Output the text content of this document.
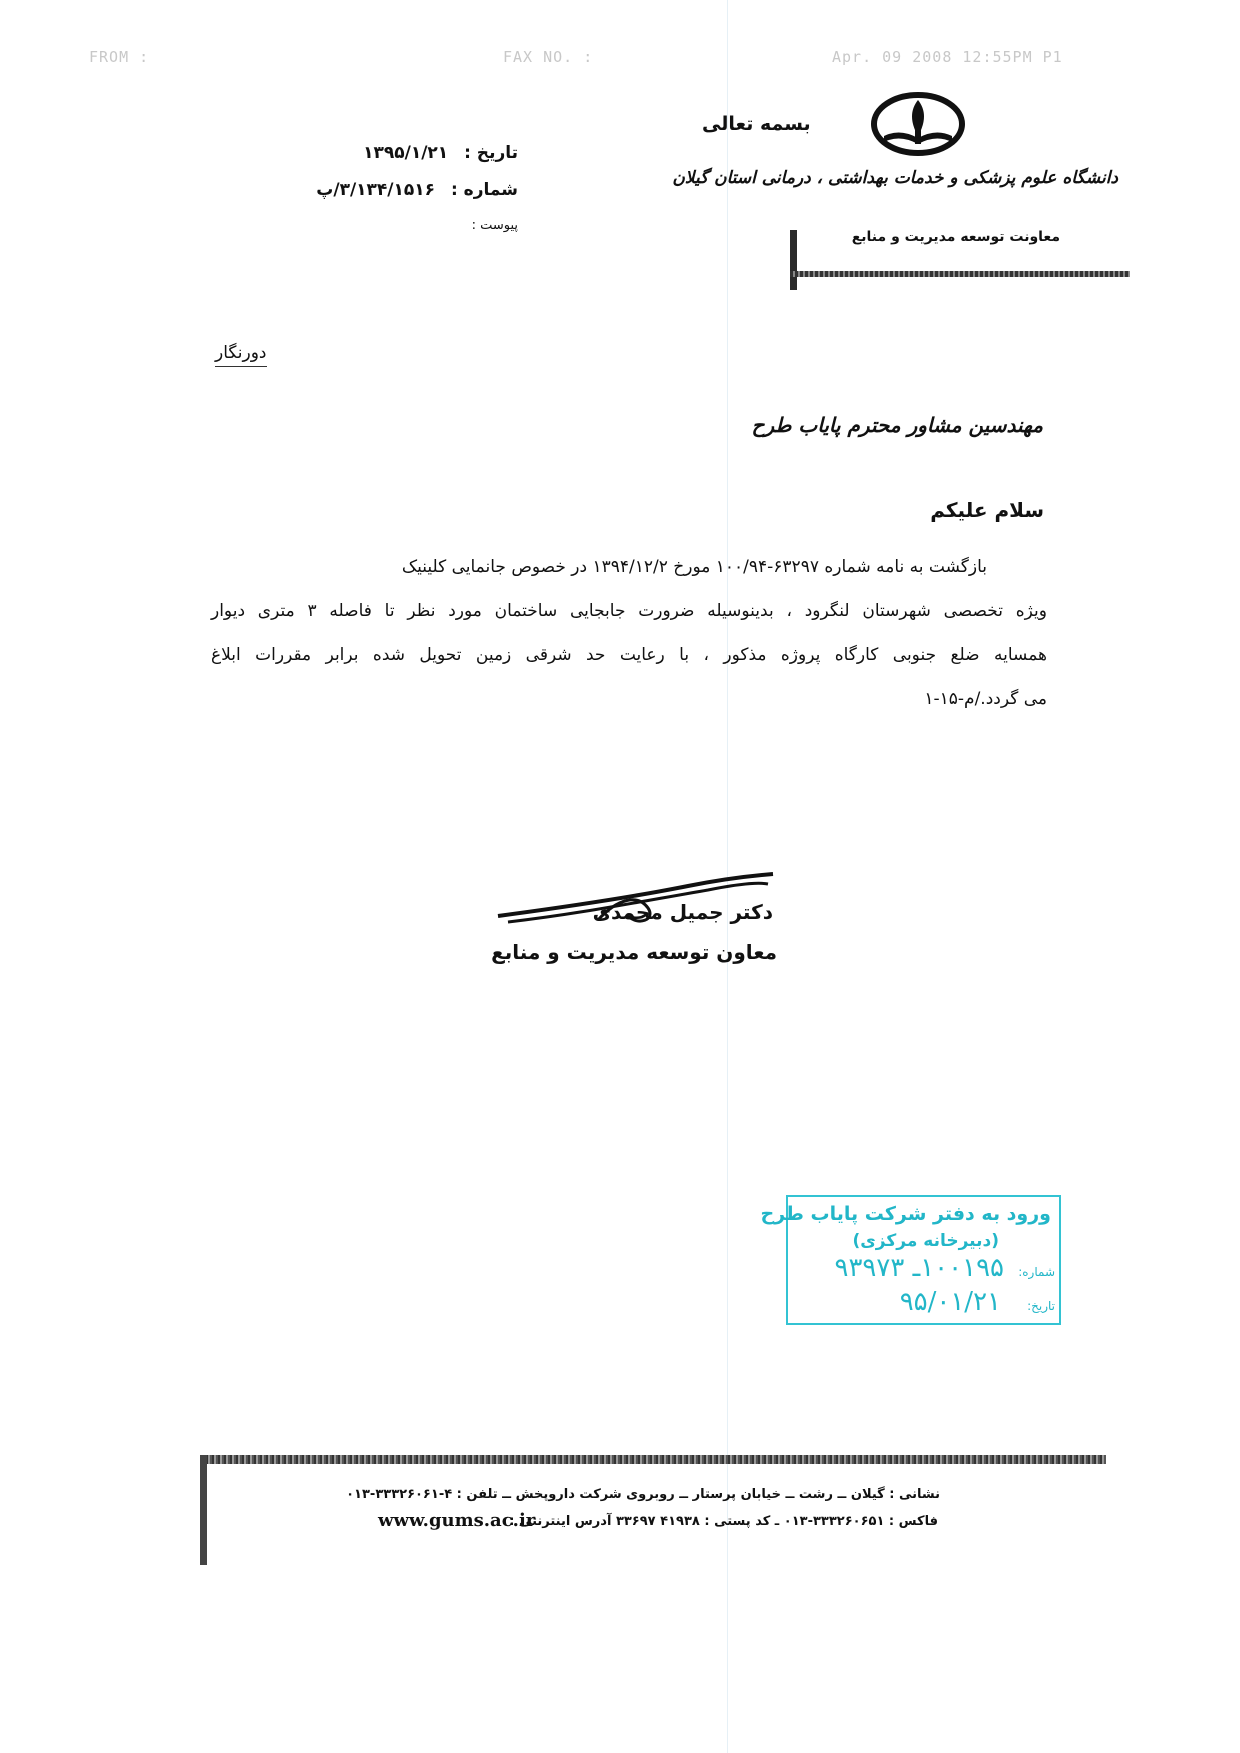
FROM :	FAX NO. :	Apr. 09 2008 12:55PM P1
بسمه تعالی
دانشگاه علوم پزشکی و خدمات بهداشتی ، درمانی استان گیلان
معاونت توسعه مدیریت و منابع
تاریخ : ۱۳۹۵/۱/۲۱
شماره : ۳/۱۳۴/۱۵۱۶/پ
پیوست :
دورنگار
مهندسین مشاور محترم پایاب طرح
سلام علیکم
بازگشت به نامه شماره ۶۳۲۹۷-۱۰۰/۹۴ مورخ ۱۳۹۴/۱۲/۲ در خصوص جانمایی کلینیک
ویژه تخصصی شهرستان لنگرود ، بدینوسیله ضرورت جابجایی ساختمان مورد نظر تا فاصله ۳ متری دیوار
همسایه ضلع جنوبی کارگاه پروژه مذکور ، با رعایت حد شرقی زمین تحویل شده برابر مقررات ابلاغ
می گردد./م-۱۵-۱
دکتر جمیل محمدی
معاون توسعه مدیریت و منابع
ورود به دفتر شرکت پایاب طرح
(دبیرخانه مرکزی)
شماره:
۱۰۰۱۹۵ـ ۹۳۹۷۳
تاریخ:
۹۵/۰۱/۲۱
نشانی : گیلان ــ رشت ــ خیابان پرستار ــ روبروی شرکت داروپخش ــ تلفن : ۴-۳۳۳۲۶۰۶۱-۰۱۳
فاکس : ۳۳۳۲۶۰۶۵۱-۰۱۳ ـ کد پستی : ۴۱۹۳۸ ۳۳۶۹۷ آدرس اینترنتی :
www.gums.ac.ir
